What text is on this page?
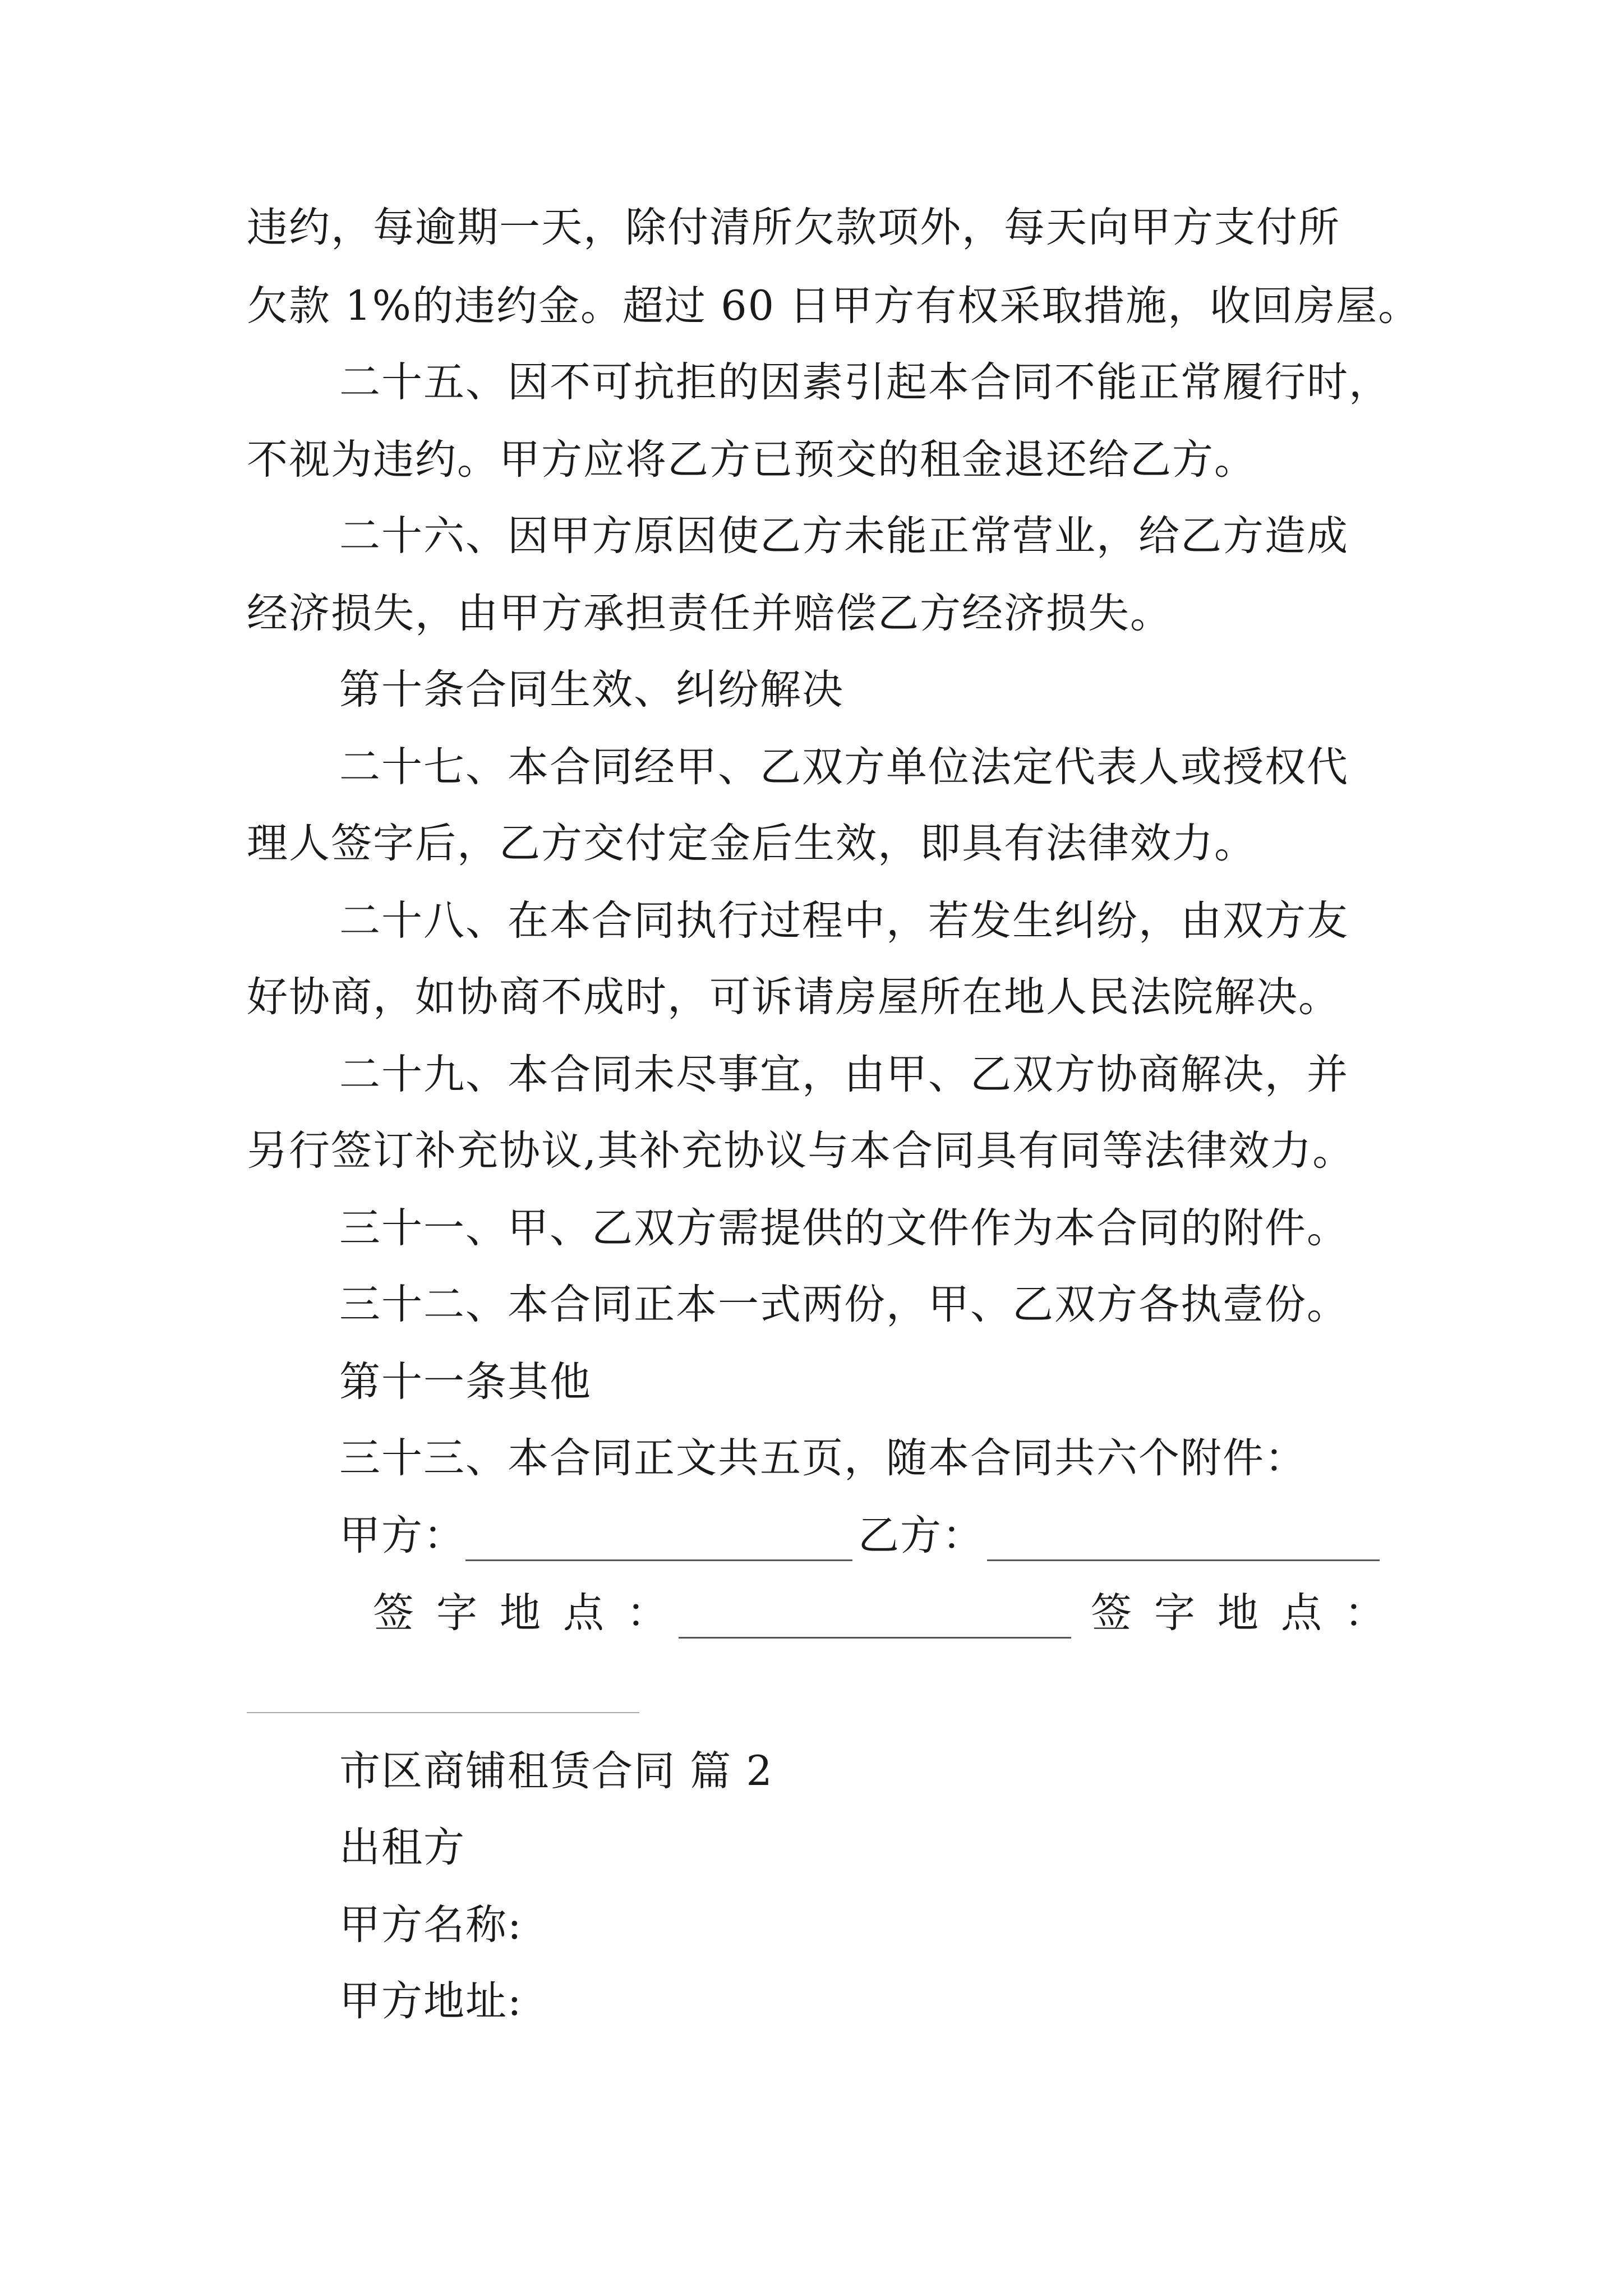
违约，每逾期一天，除付清所欠款项外，每天向甲方支付所
欠款 1%的违约金。超过 60 日甲方有权采取措施，收回房屋。
二十五、因不可抗拒的因素引起本合同不能正常履行时，
不视为违约。甲方应将乙方已预交的租金退还给乙方。
二十六、因甲方原因使乙方未能正常营业，给乙方造成
经济损失，由甲方承担责任并赔偿乙方经济损失。
第十条合同生效、纠纷解决
二十七、本合同经甲、乙双方单位法定代表人或授权代
理人签字后，乙方交付定金后生效，即具有法律效力。
二十八、在本合同执行过程中，若发生纠纷，由双方友
好协商，如协商不成时，可诉请房屋所在地人民法院解决。
二十九、本合同未尽事宜，由甲、乙双方协商解决，并
另行签订补充协议,其补充协议与本合同具有同等法律效力。
三十一、甲、乙双方需提供的文件作为本合同的附件。
三十二、本合同正本一式两份，甲、乙双方各执壹份。
第十一条其他
三十三、本合同正文共五页，随本合同共六个附件：
甲方：	乙方：
签字地点：	签字地点：
市区商铺租赁合同 篇 2
出租方
甲方名称:
甲方地址:
